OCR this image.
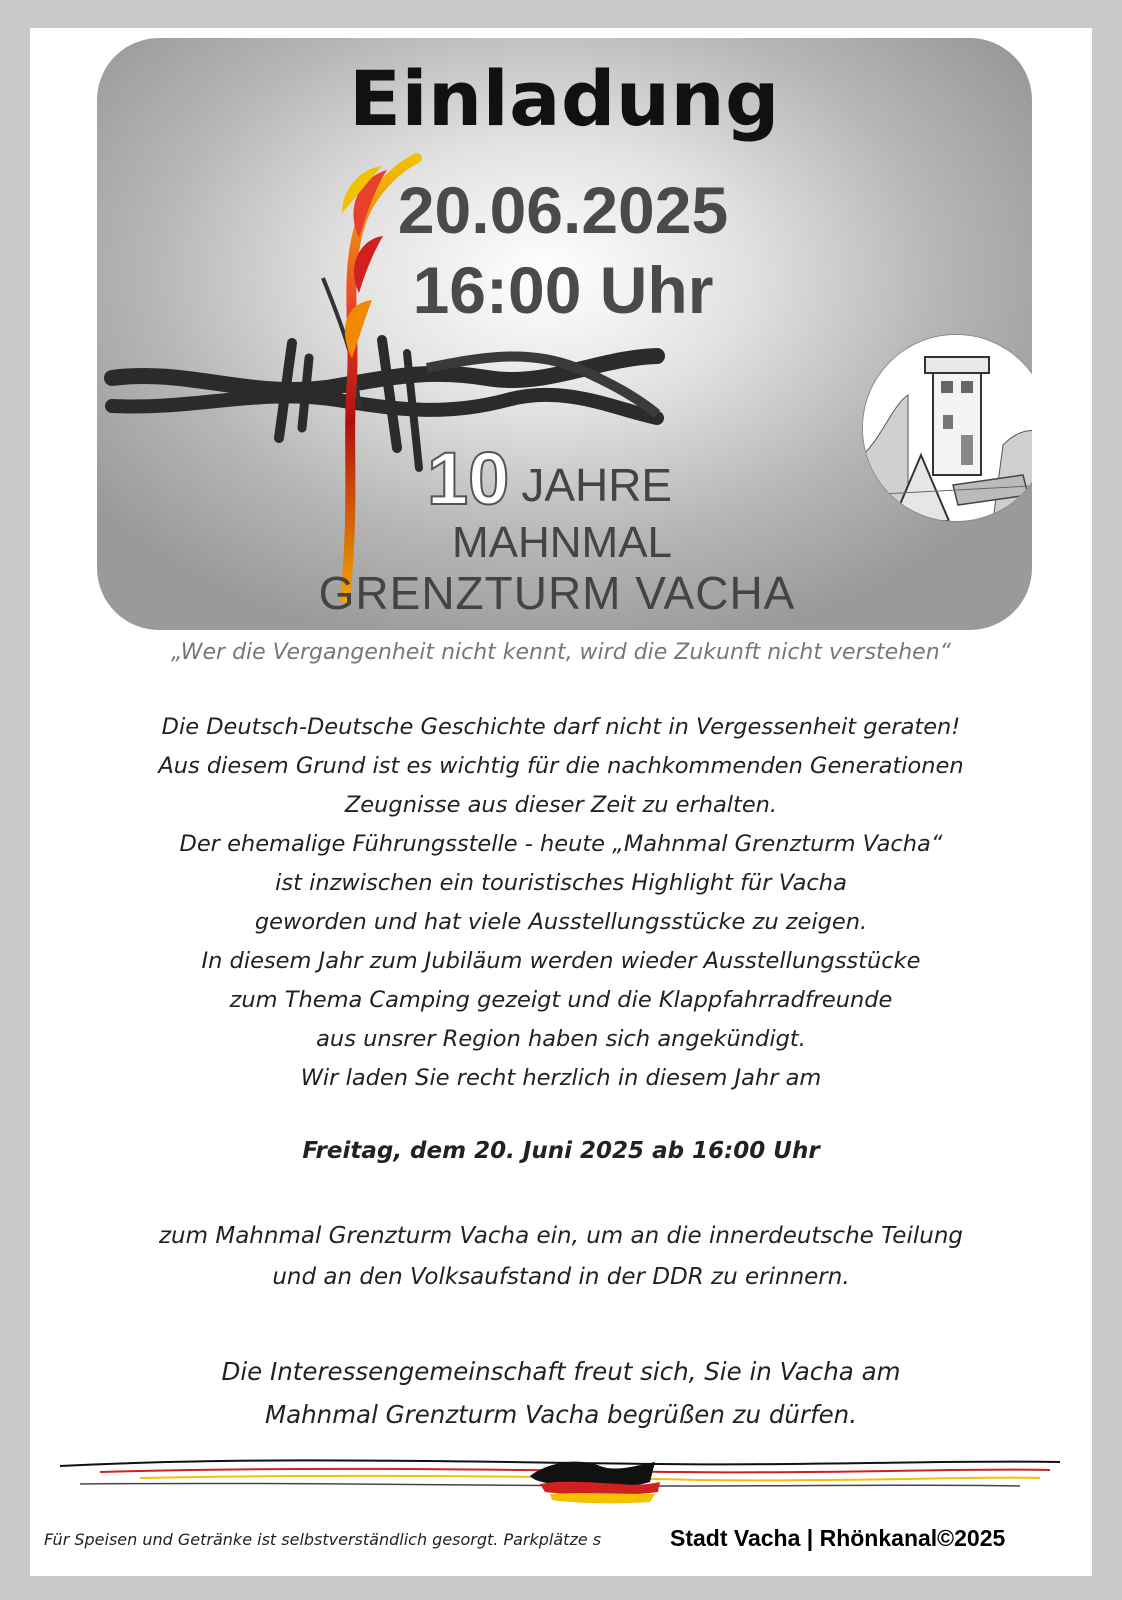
Einladung
20.06.2025
16:00 Uhr
10 JAHRE
MAHNMAL
GRENZTURM VACHA
„Wer die Vergangenheit nicht kennt, wird die Zukunft nicht verstehen“
Die Deutsch-Deutsche Geschichte darf nicht in Vergessenheit geraten!
Aus diesem Grund ist es wichtig für die nachkommenden Generationen
Zeugnisse aus dieser Zeit zu erhalten.
Der ehemalige Führungsstelle - heute „Mahnmal Grenzturm Vacha“
ist inzwischen ein touristisches Highlight für Vacha
geworden und hat viele Ausstellungsstücke zu zeigen.
In diesem Jahr zum Jubiläum werden wieder Ausstellungsstücke
zum Thema Camping gezeigt und die Klappfahrradfreunde
aus unsrer Region haben sich angekündigt.
Wir laden Sie recht herzlich in diesem Jahr am
Freitag, dem 20. Juni 2025 ab 16:00 Uhr
zum Mahnmal Grenzturm Vacha ein, um an die innerdeutsche Teilung
und an den Volksaufstand in der DDR zu erinnern.
Die Interessengemeinschaft freut sich, Sie in Vacha am
Mahnmal Grenzturm Vacha begrüßen zu dürfen.
Für Speisen und Getränke ist selbstverständlich gesorgt. Parkplätze s	Stadt Vacha | Rhönkanal©2025
